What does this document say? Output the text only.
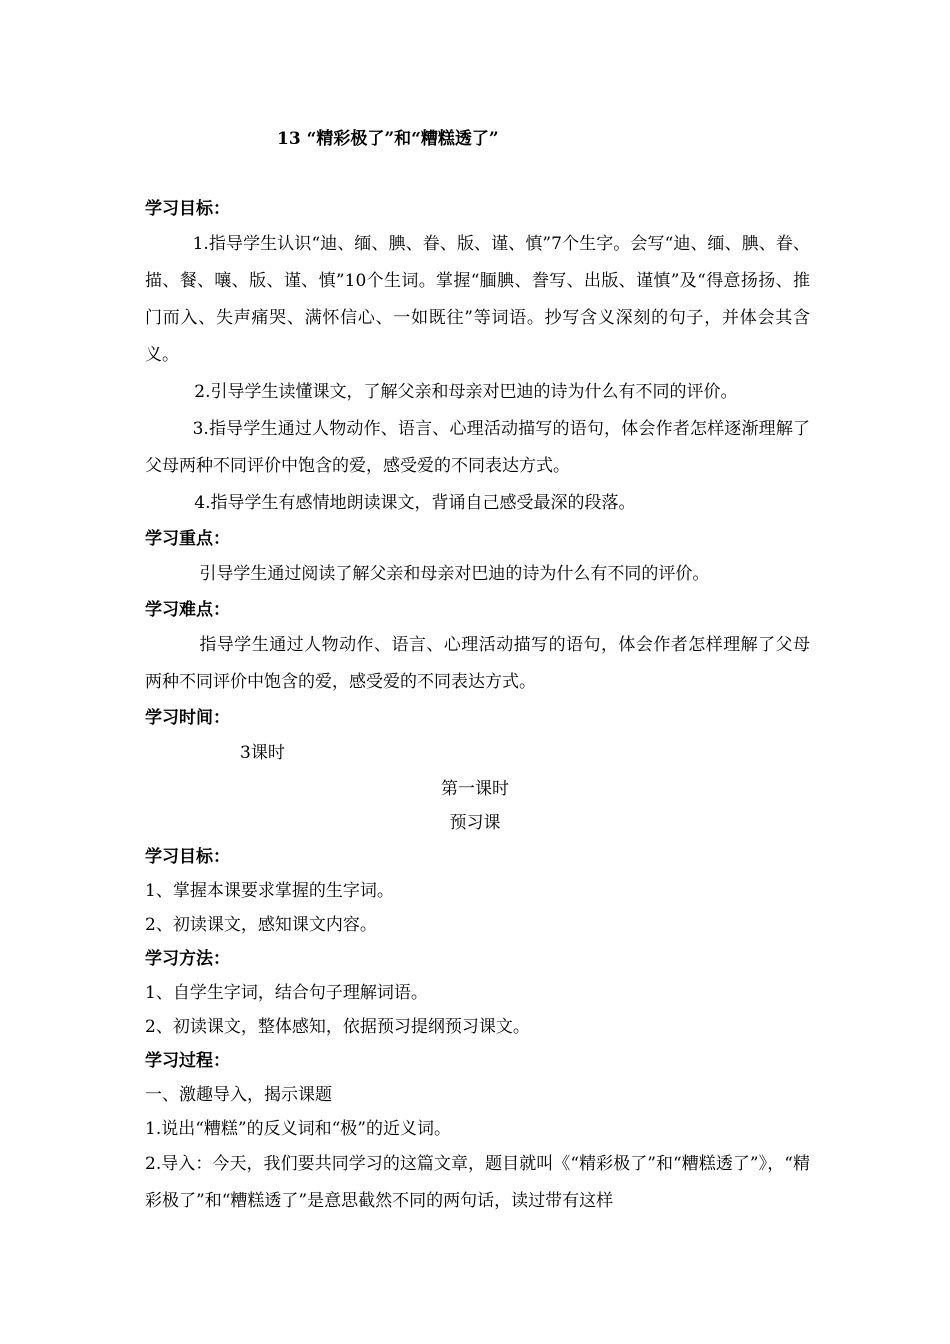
13 “精彩极了”和“糟糕透了”
学习目标：
1.指导学生认识“迪、缅、腆、眷、版、谨、慎”7个生字。会写“迪、缅、腆、眷、描、餐、嚷、版、谨、慎”10个生词。掌握“腼腆、誊写、出版、谨慎”及“得意扬扬、推门而入、失声痛哭、满怀信心、一如既往”等词语。抄写含义深刻的句子，并体会其含义。
2.引导学生读懂课文，了解父亲和母亲对巴迪的诗为什么有不同的评价。
3.指导学生通过人物动作、语言、心理活动描写的语句，体会作者怎样逐渐理解了父母两种不同评价中饱含的爱，感受爱的不同表达方式。
4.指导学生有感情地朗读课文，背诵自己感受最深的段落。
学习重点：
引导学生通过阅读了解父亲和母亲对巴迪的诗为什么有不同的评价。
学习难点：
指导学生通过人物动作、语言、心理活动描写的语句，体会作者怎样理解了父母两种不同评价中饱含的爱，感受爱的不同表达方式。
学习时间：
3课时
第一课时
预习课
学习目标：
1、掌握本课要求掌握的生字词。
2、初读课文，感知课文内容。
学习方法：
1、自学生字词，结合句子理解词语。
2、初读课文，整体感知，依据预习提纲预习课文。
学习过程：
一、激趣导入，揭示课题
1.说出“糟糕”的反义词和“极”的近义词。
2.导入：今天，我们要共同学习的这篇文章，题目就叫《“精彩极了”和“糟糕透了”》，“精彩极了”和“糟糕透了”是意思截然不同的两句话，读过带有这样
